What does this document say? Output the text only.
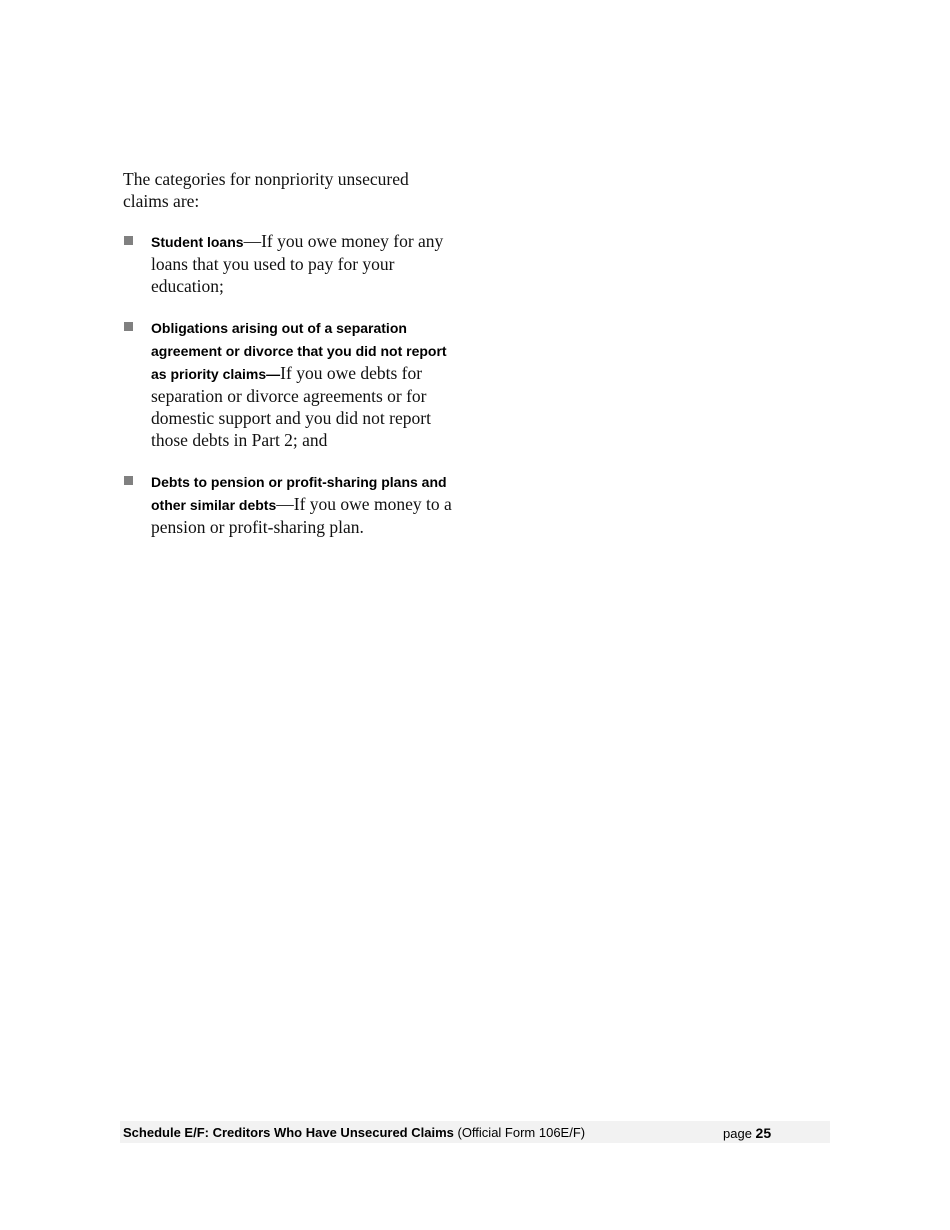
The categories for nonpriority unsecured claims are:

Student loans—If you owe money for any loans that you used to pay for your education;
Obligations arising out of a separation agreement or divorce that you did not report as priority claims—If you owe debts for separation or divorce agreements or for domestic support and you did not report those debts in Part 2; and
Debts to pension or profit-sharing plans and other similar debts—If you owe money to a pension or profit-sharing plan.
Schedule E/F: Creditors Who Have Unsecured Claims (Official Form 106E/F)	page 25
